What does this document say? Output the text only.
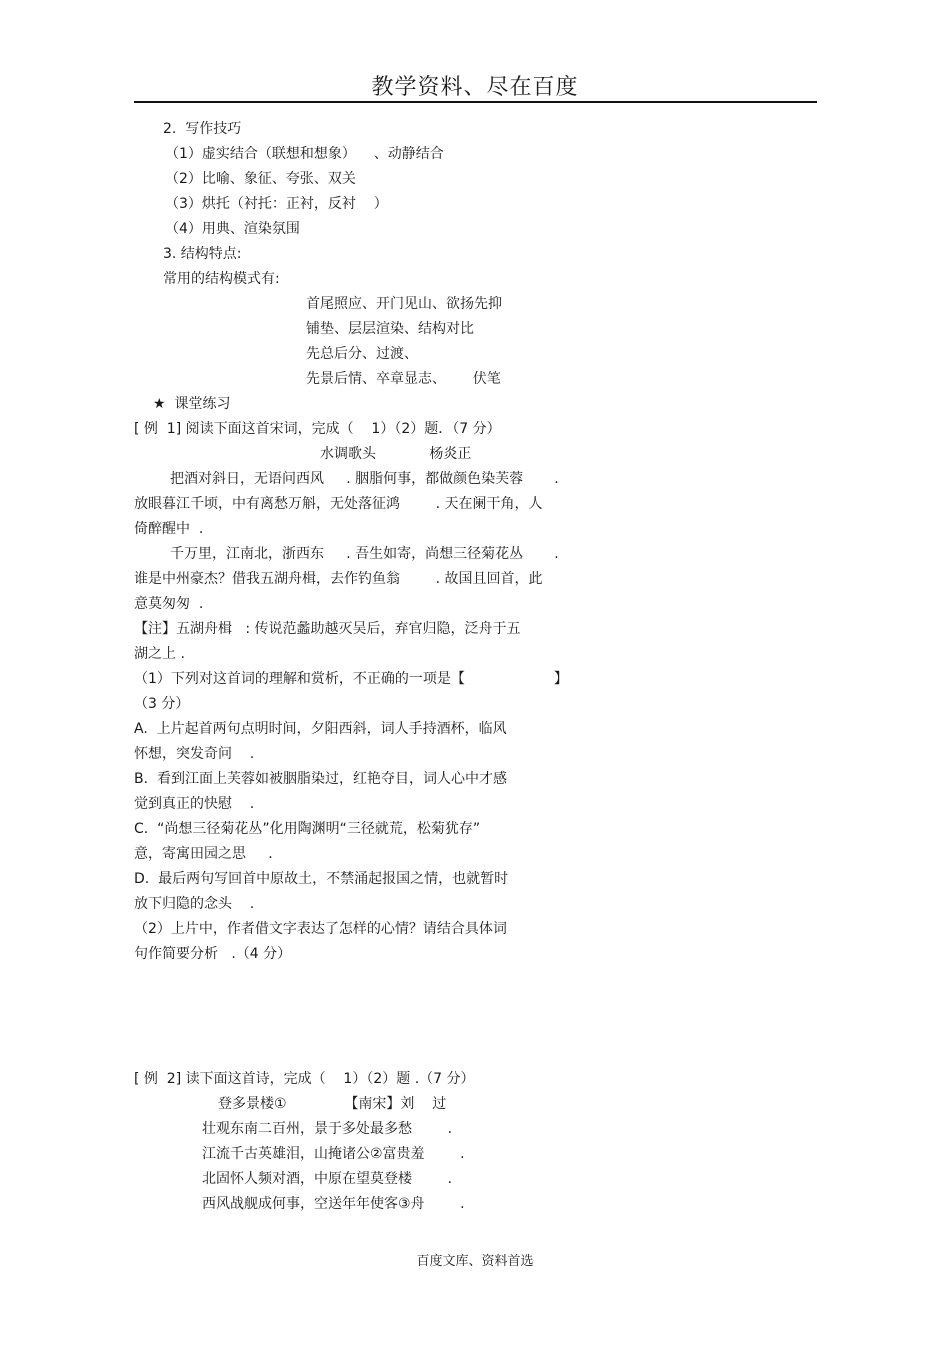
教学资料、尽在百度
2.  写作技巧
（1）虚实结合（联想和想象）    、动静结合
（2）比喻、象征、夸张、双关
（3）烘托（衬托：正衬，反衬    ）
（4）用典、渲染氛围
3. 结构特点:
常用的结构模式有:
首尾照应、开门见山、欲扬先抑
铺垫、层层渲染、结构对比
先总后分、过渡、
先景后情、卒章显志、      伏笔
★  课堂练习
[ 例  1] 阅读下面这首宋词，完成（    1）（2）题．（7 分）
水调歌头            杨炎正
把酒对斜日，无语问西风     . 胭脂何事，都做颜色染芙蓉       .
放眼暮江千顷，中有离愁万斛，无处落征鸿        . 天在阑干角，人
倚醉醒中  .
千万里，江南北，浙西东     . 吾生如寄，尚想三径菊花丛       .
谁是中州豪杰？借我五湖舟楫，去作钓鱼翁        . 故国且回首，此
意莫匆匆  .
【注】五湖舟楫   : 传说范蠡助越灭吴后，弃官归隐，泛舟于五
湖之上 .
（1）下列对这首词的理解和赏析，不正确的一项是【                    】
（3 分）
A.  上片起首两句点明时间，夕阳西斜，词人手持酒杯，临风
怀想，突发奇问    .
B.  看到江面上芙蓉如被胭脂染过，红艳夺目，词人心中才感
觉到真正的快慰    .
C.  “尚想三径菊花丛”化用陶渊明“三径就荒，松菊犹存”
意，寄寓田园之思     .
D.  最后两句写回首中原故土，不禁涌起报国之情，也就暂时
放下归隐的念头    .
（2）上片中，作者借文字表达了怎样的心情？请结合具体词
句作简要分析   .（4 分）
[ 例  2] 读下面这首诗，完成（    1）（2）题 .（7 分）
登多景楼①             【南宋】刘    过
壮观东南二百州，景于多处最多愁        .
江流千古英雄泪，山掩诸公②富贵羞        .
北固怀人频对酒，中原在望莫登楼        .
西风战舰成何事，空送年年使客③舟        .
百度文库、资料首选
